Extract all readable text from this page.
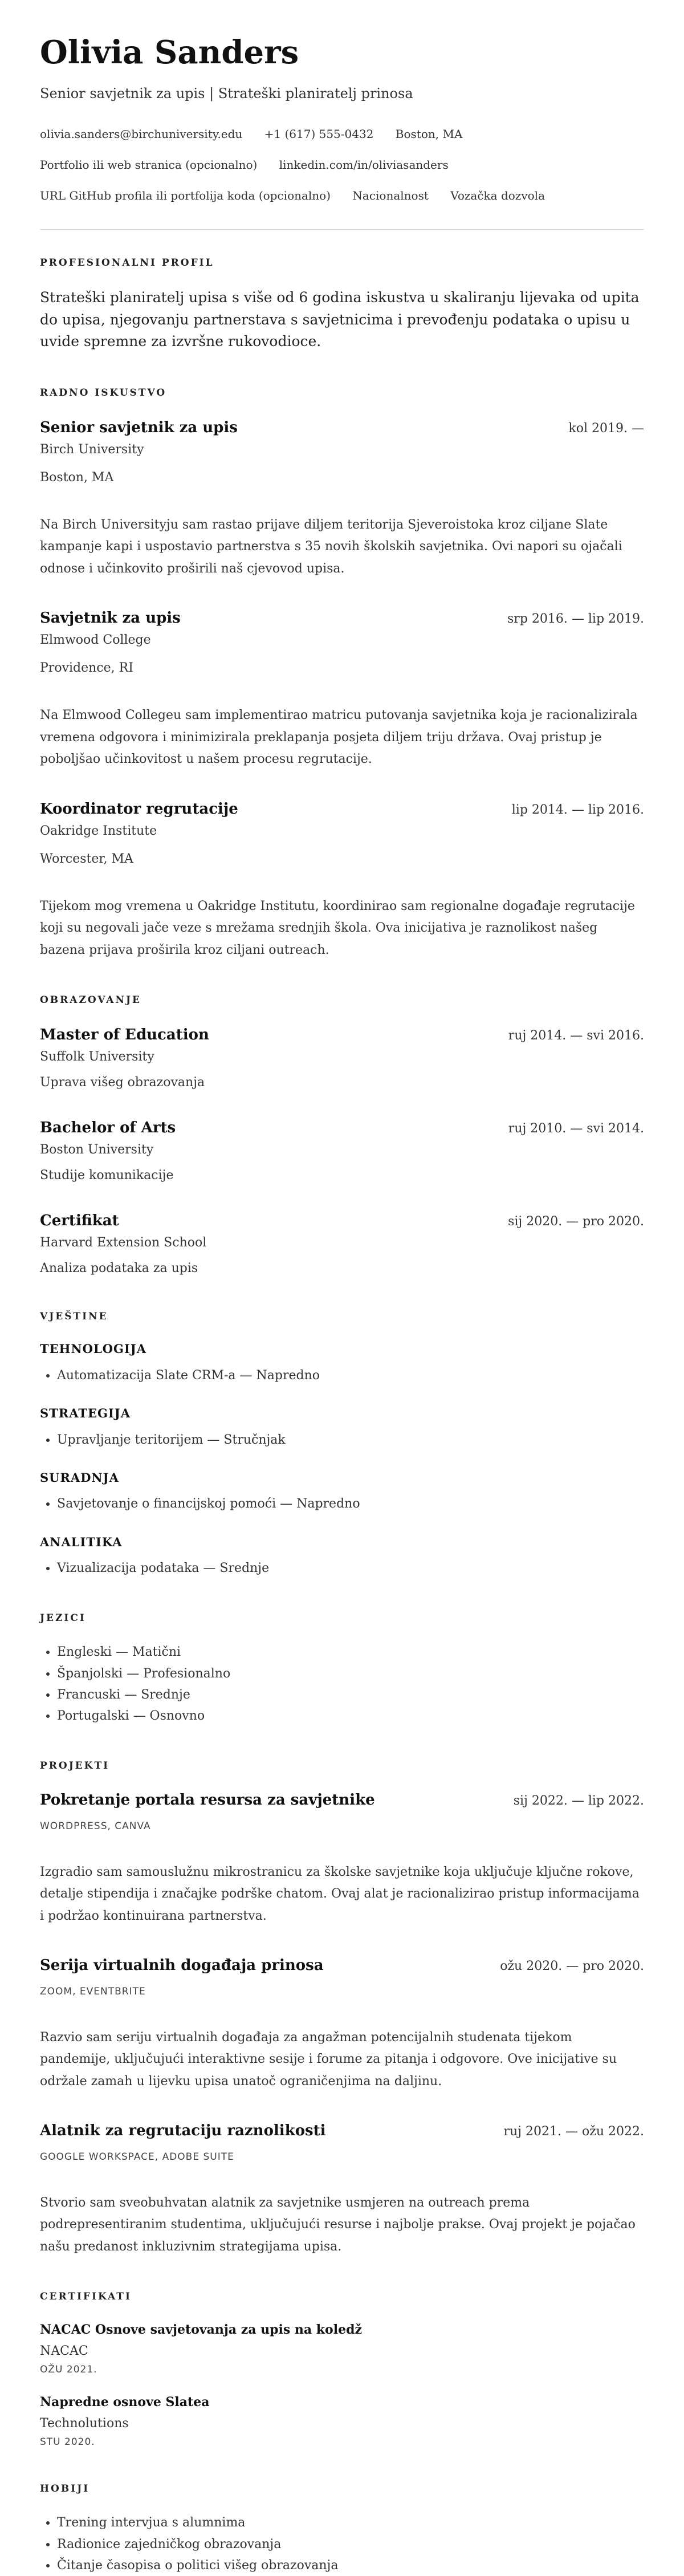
Olivia Sanders
Senior savjetnik za upis | Strateški planiratelj prinosa
olivia.sanders@birchuniversity.edu +1 (617) 555-0432 Boston, MA
Portfolio ili web stranica (opcionalno) linkedin.com/in/oliviasanders
URL GitHub profila ili portfolija koda (opcionalno) Nacionalnost Vozačka dozvola
PROFESIONALNI PROFIL

Strateški planiratelj upisa s više od 6 godina iskustva u skaliranju lijevaka od upita do upisa, njegovanju partnerstava s savjetnicima i prevođenju podataka o upisu u uvide spremne za izvršne rukovodioce.

RADNO ISKUSTVO
Senior savjetnik za upis	kol 2019. —
Birch University
Boston, MA
Na Birch Universityju sam rastao prijave diljem teritorija Sjeveroistoka kroz ciljane Slate kampanje kapi i uspostavio partnerstva s 35 novih školskih savjetnika. Ovi napori su ojačali odnose i učinkovito proširili naš cjevovod upisa.
Savjetnik za upis	srp 2016. — lip 2019.
Elmwood College
Providence, RI
Na Elmwood Collegeu sam implementirao matricu putovanja savjetnika koja je racionalizirala vremena odgovora i minimizirala preklapanja posjeta diljem triju država. Ovaj pristup je poboljšao učinkovitost u našem procesu regrutacije.
Koordinator regrutacije	lip 2014. — lip 2016.
Oakridge Institute
Worcester, MA
Tijekom mog vremena u Oakridge Institutu, koordinirao sam regionalne događaje regrutacije koji su negovali jače veze s mrežama srednjih škola. Ova inicijativa je raznolikost našeg bazena prijava proširila kroz ciljani outreach.
OBRAZOVANJE
Master of Education	ruj 2014. — svi 2016.
Suffolk University
Uprava višeg obrazovanja
Bachelor of Arts	ruj 2010. — svi 2014.
Boston University
Studije komunikacije
Certifikat	sij 2020. — pro 2020.
Harvard Extension School
Analiza podataka za upis
VJEŠTINE
TEHNOLOGIJA
• Automatizacija Slate CRM-a — Napredno
STRATEGIJA
• Upravljanje teritorijem — Stručnjak
SURADNJA
• Savjetovanje o financijskoj pomoći — Napredno
ANALITIKA
• Vizualizacija podataka — Srednje
JEZICI
• Engleski — Matični
• Španjolski — Profesionalno
• Francuski — Srednje
• Portugalski — Osnovno
PROJEKTI
Pokretanje portala resursa za savjetnike	sij 2022. — lip 2022.
WORDPRESS, CANVA
Izgradio sam samouslužnu mikrostranicu za školske savjetnike koja uključuje ključne rokove, detalje stipendija i značajke podrške chatom. Ovaj alat je racionalizirao pristup informacijama i podržao kontinuirana partnerstva.
Serija virtualnih događaja prinosa	ožu 2020. — pro 2020.
ZOOM, EVENTBRITE
Razvio sam seriju virtualnih događaja za angažman potencijalnih studenata tijekom pandemije, uključujući interaktivne sesije i forume za pitanja i odgovore. Ove inicijative su održale zamah u lijevku upisa unatoč ograničenjima na daljinu.
Alatnik za regrutaciju raznolikosti	ruj 2021. — ožu 2022.
GOOGLE WORKSPACE, ADOBE SUITE
Stvorio sam sveobuhvatan alatnik za savjetnike usmjeren na outreach prema podrepresentiranim studentima, uključujući resurse i najbolje prakse. Ovaj projekt je pojačao našu predanost inkluzivnim strategijama upisa.
CERTIFIKATI
NACAC Osnove savjetovanja za upis na koledž
NACAC
OŽU 2021.
Napredne osnove Slatea
Technolutions
STU 2020.
HOBIJI
• Trening intervjua s alumnima
• Radionice zajedničkog obrazovanja
• Čitanje časopisa o politici višeg obrazovanja
